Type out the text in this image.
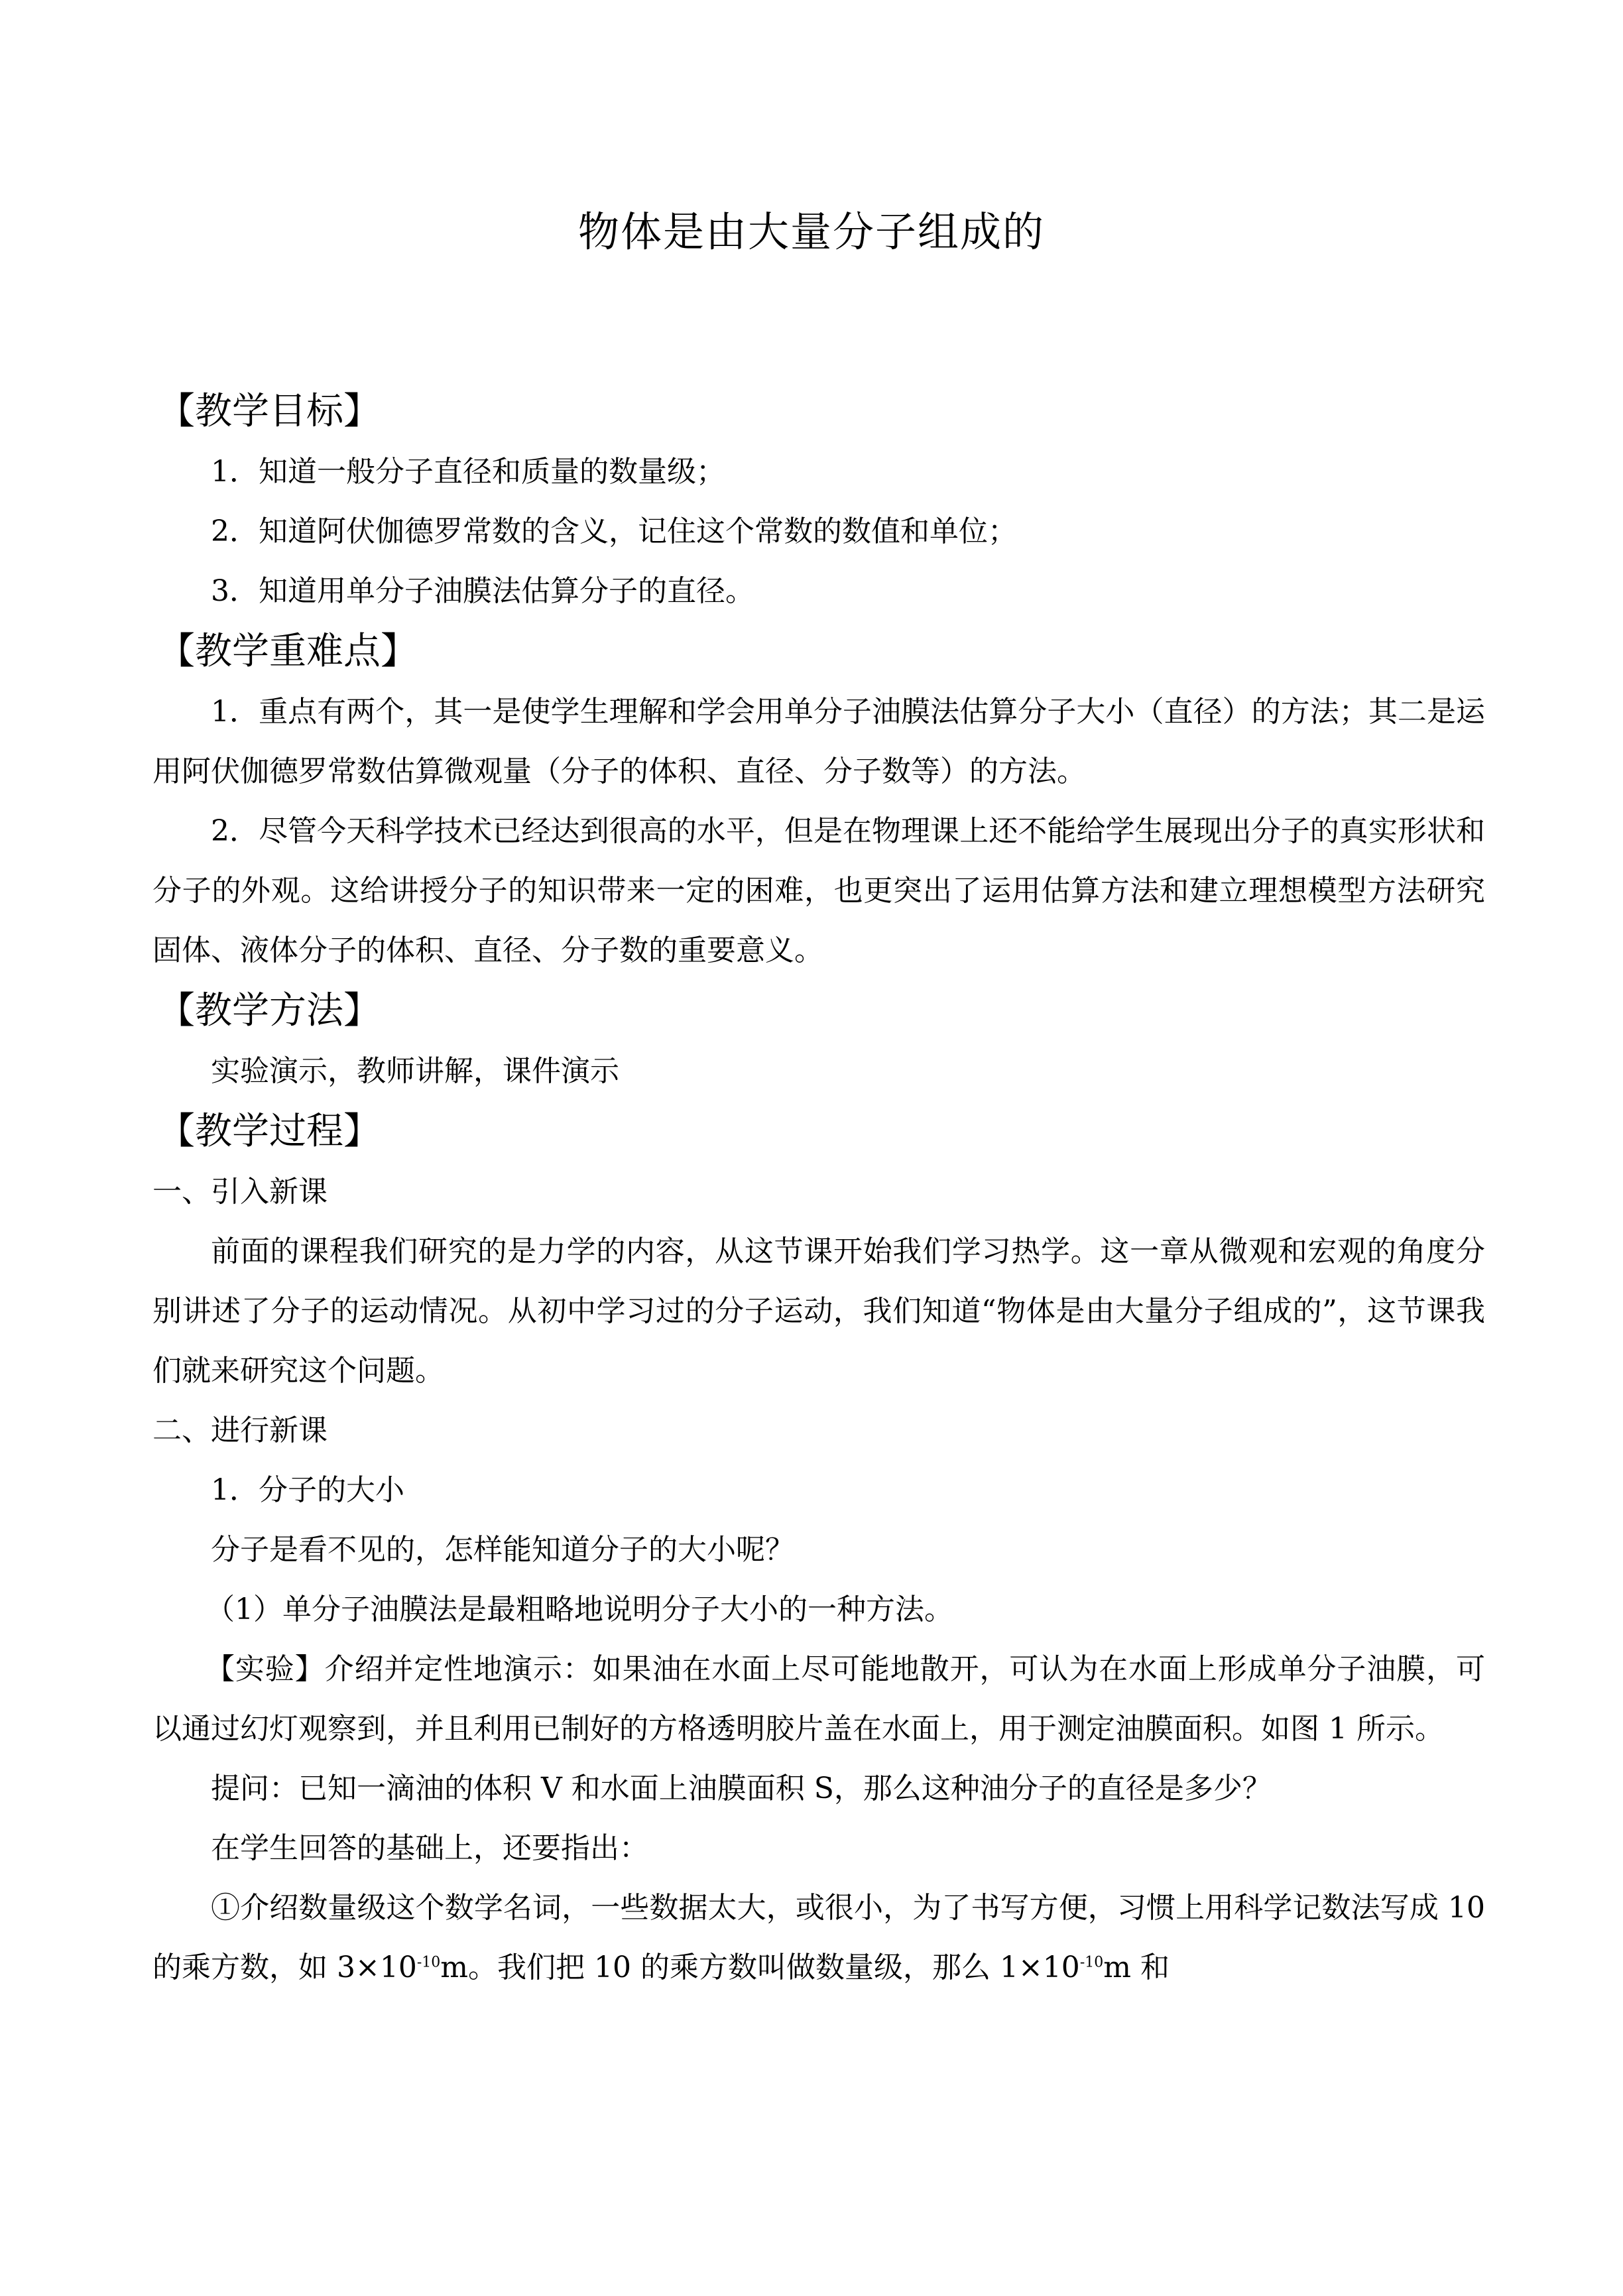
物体是由大量分子组成的
【教学目标】
1．知道一般分子直径和质量的数量级；
2．知道阿伏伽德罗常数的含义，记住这个常数的数值和单位；
3．知道用单分子油膜法估算分子的直径。
【教学重难点】
1．重点有两个，其一是使学生理解和学会用单分子油膜法估算分子大小（直径）的方法；其二是运用阿伏伽德罗常数估算微观量（分子的体积、直径、分子数等）的方法。
2．尽管今天科学技术已经达到很高的水平，但是在物理课上还不能给学生展现出分子的真实形状和分子的外观。这给讲授分子的知识带来一定的困难，也更突出了运用估算方法和建立理想模型方法研究固体、液体分子的体积、直径、分子数的重要意义。
【教学方法】
实验演示，教师讲解，课件演示
【教学过程】
一、引入新课
前面的课程我们研究的是力学的内容，从这节课开始我们学习热学。这一章从微观和宏观的角度分别讲述了分子的运动情况。从初中学习过的分子运动，我们知道“物体是由大量分子组成的”，这节课我们就来研究这个问题。
二、进行新课
1．分子的大小
分子是看不见的，怎样能知道分子的大小呢？
（1）单分子油膜法是最粗略地说明分子大小的一种方法。
【实验】介绍并定性地演示：如果油在水面上尽可能地散开，可认为在水面上形成单分子油膜，可以通过幻灯观察到，并且利用已制好的方格透明胶片盖在水面上，用于测定油膜面积。如图 1 所示。
提问：已知一滴油的体积 V 和水面上油膜面积 S，那么这种油分子的直径是多少？
在学生回答的基础上，还要指出：
①介绍数量级这个数学名词，一些数据太大，或很小，为了书写方便，习惯上用科学记数法写成 10 的乘方数，如 $3\times 10^{-10}m$。我们把 10 的乘方数叫做数量级，那么 $1\times 10^{-10}m$ 和
